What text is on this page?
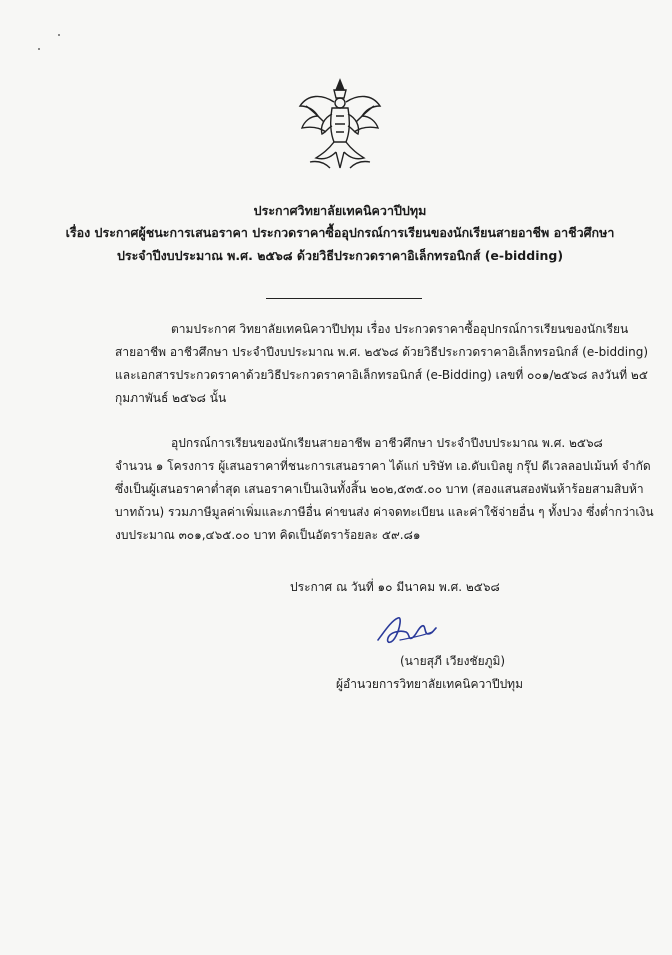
ประกาศวิทยาลัยเทคนิควาปีปทุม
เรื่อง ประกาศผู้ชนะการเสนอราคา ประกวดราคาซื้ออุปกรณ์การเรียนของนักเรียนสายอาชีพ อาชีวศึกษา
ประจำปีงบประมาณ พ.ศ. ๒๕๖๘ ด้วยวิธีประกวดราคาอิเล็กทรอนิกส์ (e-bidding)
ตามประกาศ วิทยาลัยเทคนิควาปีปทุม เรื่อง ประกวดราคาซื้ออุปกรณ์การเรียนของนักเรียน
สายอาชีพ อาชีวศึกษา ประจำปีงบประมาณ พ.ศ. ๒๕๖๘ ด้วยวิธีประกวดราคาอิเล็กทรอนิกส์ (e-bidding)
และเอกสารประกวดราคาด้วยวิธีประกวดราคาอิเล็กทรอนิกส์ (e-Bidding) เลขที่ ๐๐๑/๒๕๖๘ ลงวันที่ ๒๕
กุมภาพันธ์ ๒๕๖๘ นั้น
อุปกรณ์การเรียนของนักเรียนสายอาชีพ อาชีวศึกษา ประจำปีงบประมาณ พ.ศ. ๒๕๖๘
จำนวน ๑ โครงการ ผู้เสนอราคาที่ชนะการเสนอราคา ได้แก่ บริษัท เอ.ดับเบิลยู กรุ๊ป ดีเวลลอปเม้นท์ จำกัด
ซึ่งเป็นผู้เสนอราคาต่ำสุด เสนอราคาเป็นเงินทั้งสิ้น ๒๐๒,๕๓๕.๐๐ บาท (สองแสนสองพันห้าร้อยสามสิบห้า
บาทถ้วน) รวมภาษีมูลค่าเพิ่มและภาษีอื่น ค่าขนส่ง ค่าจดทะเบียน และค่าใช้จ่ายอื่น ๆ ทั้งปวง ซึ่งต่ำกว่าเงิน
งบประมาณ ๓๐๑,๔๖๕.๐๐ บาท คิดเป็นอัตราร้อยละ ๕๙.๘๑
ประกาศ ณ วันที่ ๑๐ มีนาคม พ.ศ. ๒๕๖๘
(นายสุภี เวียงชัยภูมิ)
ผู้อำนวยการวิทยาลัยเทคนิควาปีปทุม
